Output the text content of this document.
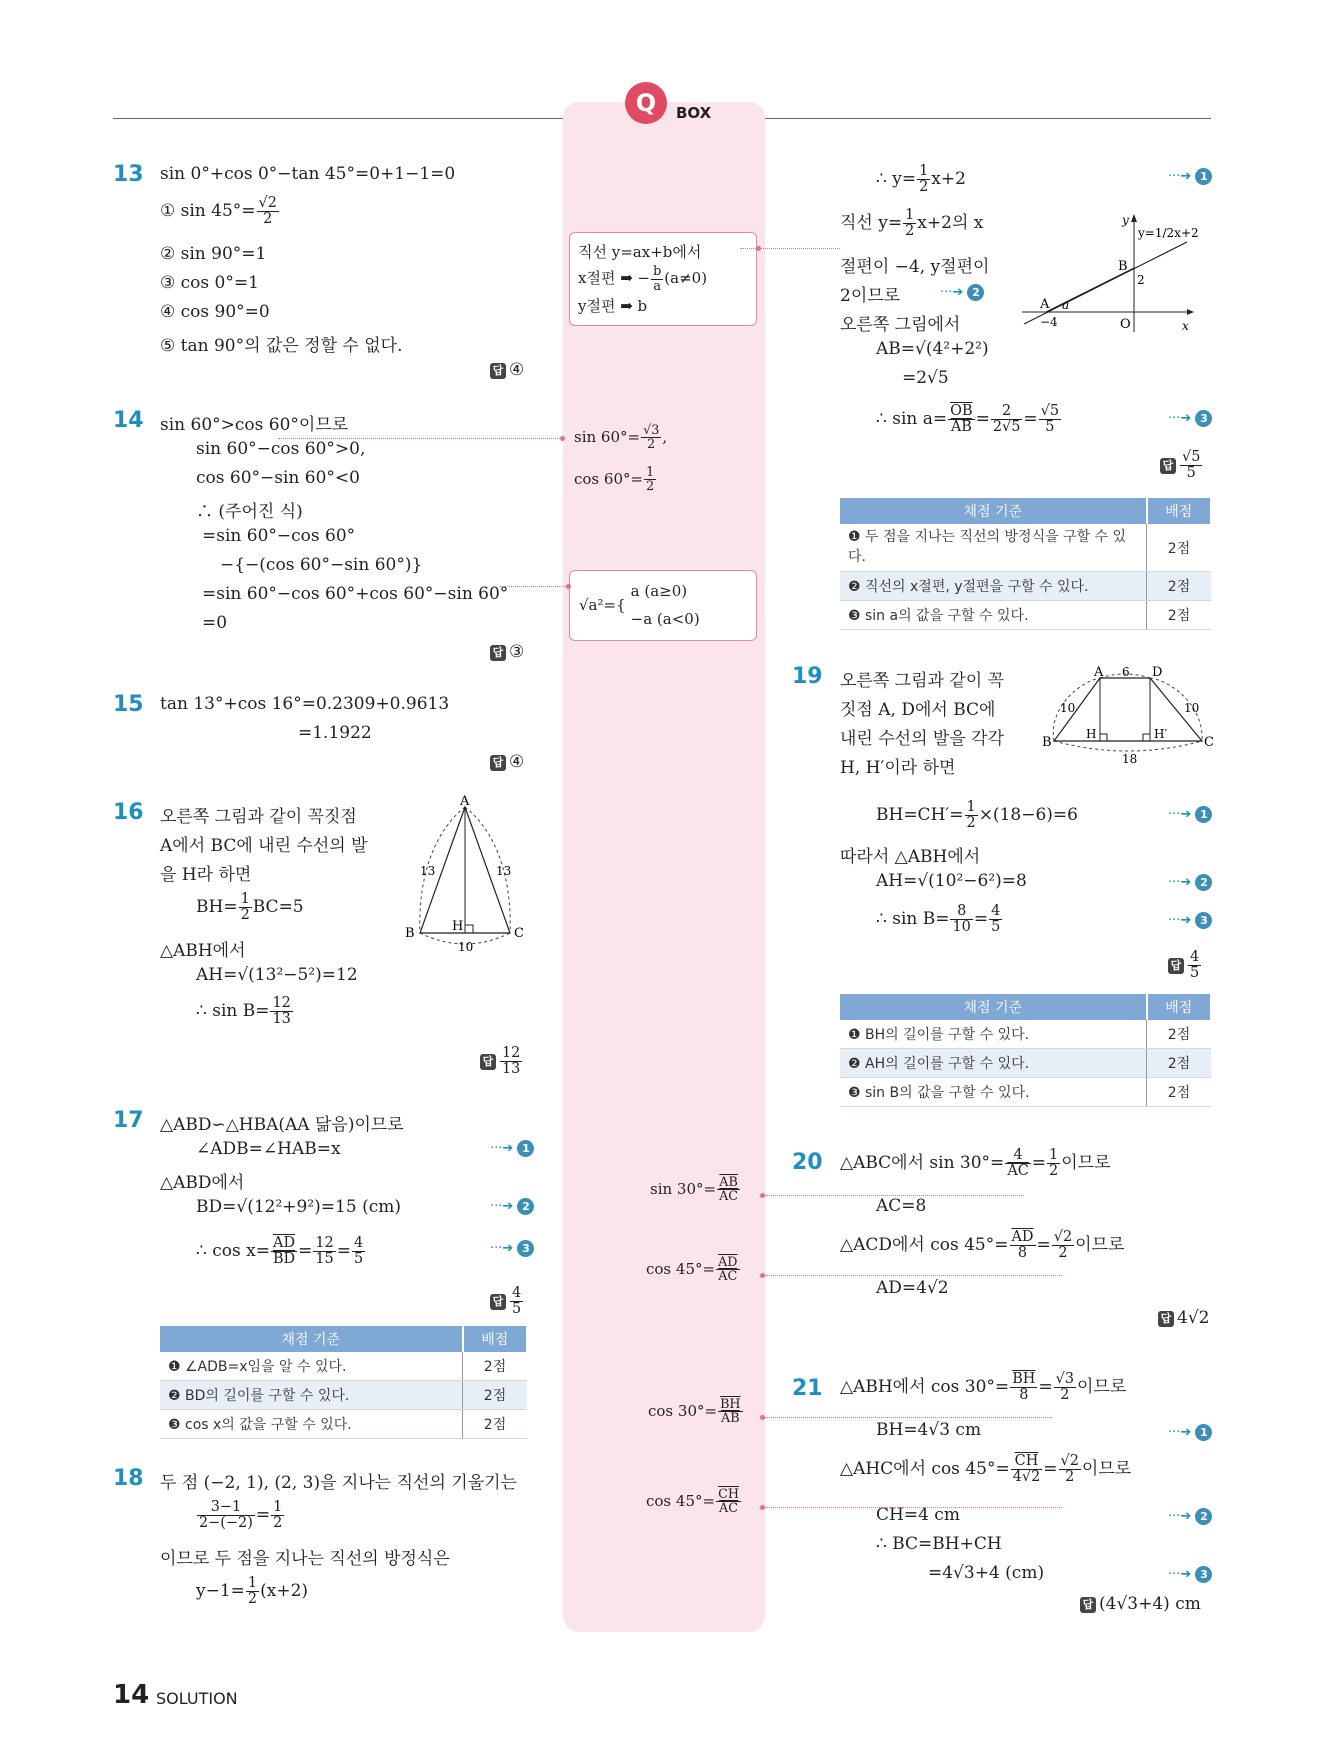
Q	BOX
13 sin 0°+cos 0°−tan 45°=0+1−1=0
① $\sin 45^\circ= \frac{√2}{2}$
② sin 90°=1
③ cos 0°=1
④ cos 90°=0
⑤ tan 90°의 값은 정할 수 없다.
답 ④
14 sin 60°>cos 60°이므로
sin 60°−cos 60°>0,
cos 60°−sin 60°<0
∴ (주어진 식)
=sin 60°−cos 60°
−{−(cos 60°−sin 60°)}
=sin 60°−cos 60°+cos 60°−sin 60°
=0
답 ③
15 tan 13°+cos 16°=0.2309+0.9613
=1.1922
답 ④
16 오른쪽 그림과 같이 꼭짓점
A에서 BC에 내린 수선의 발
을 H라 하면
$BH= \frac{1}{2} BC=5$
△ABH에서
AH=√(13²−5²)=12
∴ $\sin B= \frac{12}{13}$
답 $\frac{12}{13}$
A
B	C
H
13	13
10
17 △ABD∽△HBA(AA 닮음)이므로
∠ADB=∠HAB=x
△ABD에서
BD=√(12²+9²)=15 (cm)
∴ $\cos x= \frac{\overline{AD}}{BD} = \frac{12}{15} = \frac{4}{5}$
···➔ 1
···➔ 2
···➔ 3
답 $\frac{4}{5}$
채점 기준	배점
❶ ∠ADB=x임을 알 수 있다.	2점
❷ BD의 길이를 구할 수 있다.	2점
❸ cos x의 값을 구할 수 있다.	2점
18 두 점 (−2, 1), (2, 3)을 지나는 직선의 기울기는
$\frac{3-1}{2-(-2)} = \frac{1}{2}$
이므로 두 점을 지나는 직선의 방정식은
$y-1= \frac{1}{2} (x+2)$
∴ $y= \frac{1}{2} x+2$	···➔ 1
직선 $y= \frac{1}{2} x+2$의 x
절편이 −4, y절편이
2이므로	···➔ 2
오른쪽 그림에서
AB=√(4²+2²)
=2√5
∴ $\sin a= \frac{\overline{OB}}{AB} = \frac{2}{2√5} = \frac{√5}{5}$	···➔ 3
답 $\frac{√5}{5}$
y
x
y=1/2x+2
A
B
O
a
−4
2
채점 기준	배점
❶ 두 점을 지나는 직선의 방정식을 구할 수 있다.	2점
❷ 직선의 x절편, y절편을 구할 수 있다.	2점
❸ sin a의 값을 구할 수 있다.	2점
19 오른쪽 그림과 같이 꼭
짓점 A, D에서 BC에
내린 수선의 발을 각각
H, H′이라 하면
A	D
B	C
H	H′
6
10	10
18
$BH=CH'= \frac{1}{2} \times(18-6)=6$	···➔ 1
따라서 △ABH에서
AH=√(10²−6²)=8	···➔ 2
∴ $\sin B= \frac{8}{10} = \frac{4}{5}$	···➔ 3
답 $\frac{4}{5}$
채점 기준	배점
❶ BH의 길이를 구할 수 있다.	2점
❷ AH의 길이를 구할 수 있다.	2점
❸ sin B의 값을 구할 수 있다.	2점
20 △ABC에서 $\sin 30^\circ= \frac{4}{AC} = \frac{1}{2}$ 이므로
AC=8
△ACD에서 $\cos 45^\circ= \frac{\overline{AD}}{8} = \frac{√2}{2}$ 이므로
AD=4√2
답 4√2
21 △ABH에서 $\cos 30^\circ= \frac{\overline{BH}}{8} = \frac{√3}{2}$ 이므로
BH=4√3 cm	···➔ 1
△AHC에서 $\cos 45^\circ= \frac{\overline{CH}}{4√2} = \frac{√2}{2}$ 이므로
CH=4 cm	···➔ 2
∴ BC=BH+CH
=4√3+4 (cm)	···➔ 3
답 (4√3+4) cm
직선 y=ax+b에서
x절편 ➡ − $\frac{b}{a} (a\ne 0)$
y절편 ➡ b
$\sin 60^\circ= \frac{√3}{2}$ ,
$\cos 60^\circ= \frac{1}{2}$
√a²={	a (a≥0)
−a (a<0)
$\sin 30^\circ= \frac{\overline{AB}}{AC}$
$\cos 45^\circ= \frac{\overline{AD}}{AC}$
$\cos 30^\circ= \frac{\overline{BH}}{AB}$
$\cos 45^\circ= \frac{\overline{CH}}{AC}$
14 SOLUTION
